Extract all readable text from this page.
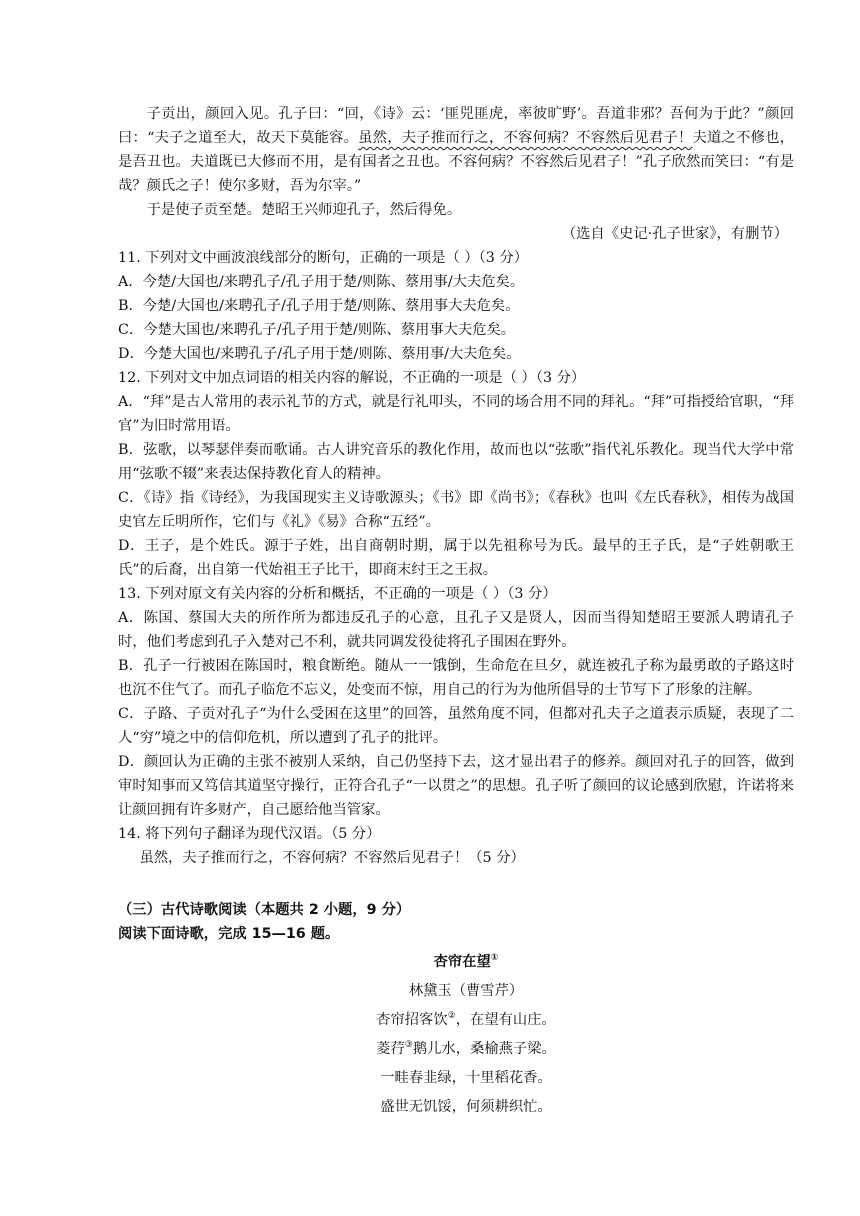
子贡出，颜回入见。孔子曰：“回，《诗》云：‘匪兕匪虎，率彼旷野’。吾道非邪？吾何为于此？”颜回曰：“夫子之道至大，故天下莫能容。虽然，夫子推而行之，不容何病？不容然后见君子！夫道之不修也，是吾丑也。夫道既已大修而不用，是有国者之丑也。不容何病？不容然后见君子！”孔子欣然而笑曰：“有是哉？颜氏之子！使尔多财，吾为尔宰。”

于是使子贡至楚。楚昭王兴师迎孔子，然后得免。

（选自《史记·孔子世家》，有删节）

11. 下列对文中画波浪线部分的断句，正确的一项是（ ）（3 分）

A．今楚/大国也/来聘孔子/孔子用于楚/则陈、蔡用事/大夫危矣。

B．今楚/大国也/来聘孔子/孔子用于楚/则陈、蔡用事大夫危矣。

C．今楚大国也/来聘孔子/孔子用于楚/则陈、蔡用事大夫危矣。

D．今楚大国也/来聘孔子/孔子用于楚/则陈、蔡用事/大夫危矣。

12. 下列对文中加点词语的相关内容的解说，不正确的一项是（ ）（3 分）

A．“拜”是古人常用的表示礼节的方式，就是行礼叩头，不同的场合用不同的拜礼。“拜”可指授给官职，“拜官”为旧时常用语。

B．弦歌，以琴瑟伴奏而歌诵。古人讲究音乐的教化作用，故而也以“弦歌”指代礼乐教化。现当代大学中常用“弦歌不辍”来表达保持教化育人的精神。

C．《诗》指《诗经》，为我国现实主义诗歌源头；《书》即《尚书》；《春秋》也叫《左氏春秋》，相传为战国史官左丘明所作，它们与《礼》《易》合称“五经”。

D．王子，是个姓氏。源于子姓，出自商朝时期，属于以先祖称号为氏。最早的王子氏，是“子姓朝歌王氏”的后裔，出自第一代始祖王子比干，即商末纣王之王叔。

13. 下列对原文有关内容的分析和概括，不正确的一项是（ ）（3 分）

A．陈国、蔡国大夫的所作所为都违反孔子的心意，且孔子又是贤人，因而当得知楚昭王要派人聘请孔子时，他们考虑到孔子入楚对己不利，就共同调发役徒将孔子围困在野外。

B．孔子一行被困在陈国时，粮食断绝。随从一一饿倒，生命危在旦夕，就连被孔子称为最勇敢的子路这时也沉不住气了。而孔子临危不忘义，处变而不惊，用自己的行为为他所倡导的士节写下了形象的注解。

C．子路、子贡对孔子“为什么受困在这里”的回答，虽然角度不同，但都对孔夫子之道表示质疑，表现了二人“穷”境之中的信仰危机，所以遭到了孔子的批评。

D．颜回认为正确的主张不被别人采纳，自己仍坚持下去，这才显出君子的修养。颜回对孔子的回答，做到审时知事而又笃信其道坚守操行，正符合孔子“一以贯之”的思想。孔子听了颜回的议论感到欣慰，许诺将来让颜回拥有许多财产，自己愿给他当管家。

14. 将下列句子翻译为现代汉语。（5 分）

虽然，夫子推而行之，不容何病？不容然后见君子！（5 分）

（三）古代诗歌阅读（本题共 2 小题，9 分）

阅读下面诗歌，完成 15—16 题。

杏帘在望①

林黛玉（曹雪芹）

杏帘招客饮②，在望有山庄。

菱荇③鹅儿水，桑榆燕子梁。

一畦春韭绿，十里稻花香。

盛世无饥馁，何须耕织忙。
